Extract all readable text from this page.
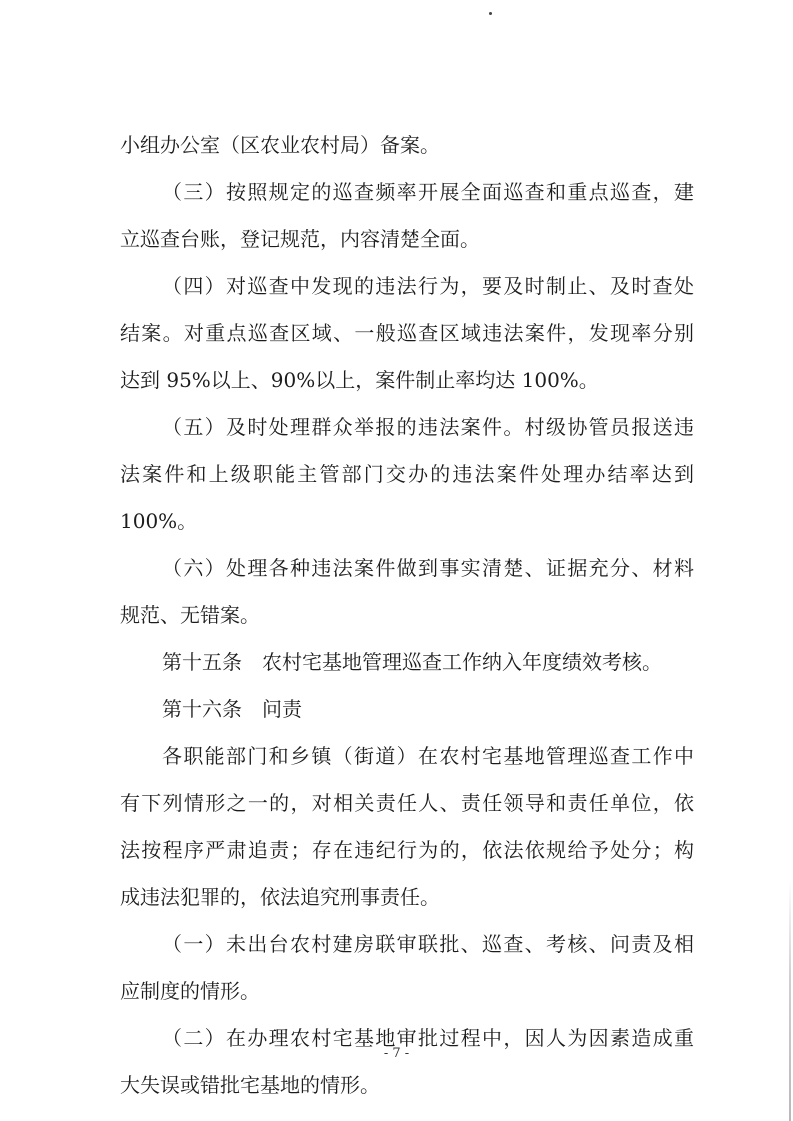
小组办公室（区农业农村局）备案。
（三）按照规定的巡查频率开展全面巡查和重点巡查，建
立巡查台账，登记规范，内容清楚全面。
（四）对巡查中发现的违法行为，要及时制止、及时查处
结案。对重点巡查区域、一般巡查区域违法案件，发现率分别
达到 95%以上、90%以上，案件制止率均达 100%。
（五）及时处理群众举报的违法案件。村级协管员报送违
法案件和上级职能主管部门交办的违法案件处理办结率达到
100%。
（六）处理各种违法案件做到事实清楚、证据充分、材料
规范、无错案。
第十五条　农村宅基地管理巡查工作纳入年度绩效考核。
第十六条　问责
各职能部门和乡镇（街道）在农村宅基地管理巡查工作中
有下列情形之一的，对相关责任人、责任领导和责任单位，依
法按程序严肃追责；存在违纪行为的，依法依规给予处分；构
成违法犯罪的，依法追究刑事责任。
（一）未出台农村建房联审联批、巡查、考核、问责及相
应制度的情形。
（二）在办理农村宅基地审批过程中，因人为因素造成重
大失误或错批宅基地的情形。
- 7 -
